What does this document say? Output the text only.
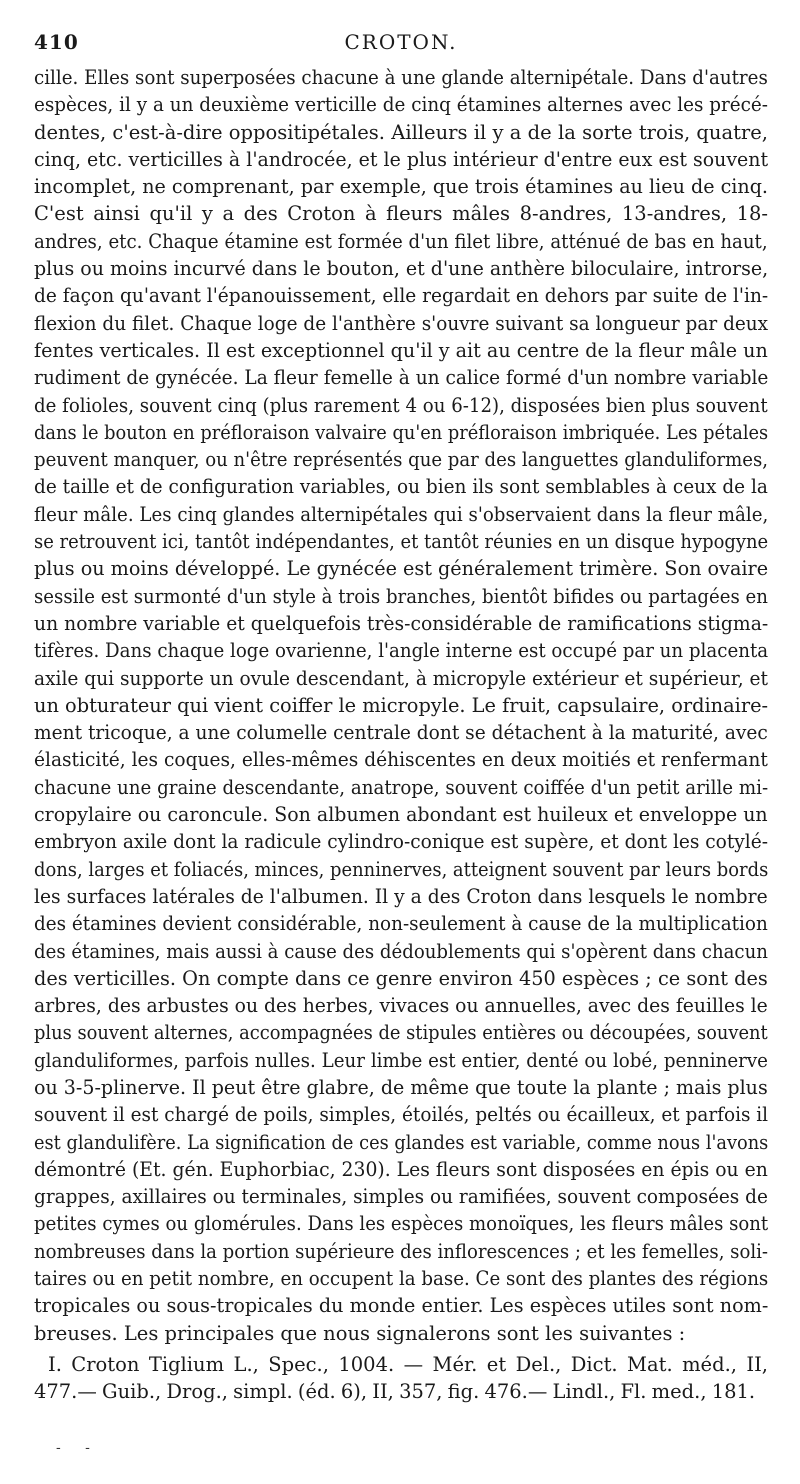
410	CROTON.
cille. Elles sont superposées chacune à une glande alternipétale. Dans d'autres
espèces, il y a un deuxième verticille de cinq étamines alternes avec les précé-
dentes, c'est-à-dire oppositipétales. Ailleurs il y a de la sorte trois, quatre,
cinq, etc. verticilles à l'androcée, et le plus intérieur d'entre eux est souvent
incomplet, ne comprenant, par exemple, que trois étamines au lieu de cinq.
C'est ainsi qu'il y a des Croton à fleurs mâles 8-andres, 13-andres, 18-
andres, etc. Chaque étamine est formée d'un filet libre, atténué de bas en haut,
plus ou moins incurvé dans le bouton, et d'une anthère biloculaire, introrse,
de façon qu'avant l'épanouissement, elle regardait en dehors par suite de l'in-
flexion du filet. Chaque loge de l'anthère s'ouvre suivant sa longueur par deux
fentes verticales. Il est exceptionnel qu'il y ait au centre de la fleur mâle un
rudiment de gynécée. La fleur femelle à un calice formé d'un nombre variable
de folioles, souvent cinq (plus rarement 4 ou 6-12), disposées bien plus souvent
dans le bouton en préfloraison valvaire qu'en préfloraison imbriquée. Les pétales
peuvent manquer, ou n'être représentés que par des languettes glanduliformes,
de taille et de configuration variables, ou bien ils sont semblables à ceux de la
fleur mâle. Les cinq glandes alternipétales qui s'observaient dans la fleur mâle,
se retrouvent ici, tantôt indépendantes, et tantôt réunies en un disque hypogyne
plus ou moins développé. Le gynécée est généralement trimère. Son ovaire
sessile est surmonté d'un style à trois branches, bientôt bifides ou partagées en
un nombre variable et quelquefois très-considérable de ramifications stigma-
tifères. Dans chaque loge ovarienne, l'angle interne est occupé par un placenta
axile qui supporte un ovule descendant, à micropyle extérieur et supérieur, et
un obturateur qui vient coiffer le micropyle. Le fruit, capsulaire, ordinaire-
ment tricoque, a une columelle centrale dont se détachent à la maturité, avec
élasticité, les coques, elles-mêmes déhiscentes en deux moitiés et renfermant
chacune une graine descendante, anatrope, souvent coiffée d'un petit arille mi-
cropylaire ou caroncule. Son albumen abondant est huileux et enveloppe un
embryon axile dont la radicule cylindro-conique est supère, et dont les cotylé-
dons, larges et foliacés, minces, penninerves, atteignent souvent par leurs bords
les surfaces latérales de l'albumen. Il y a des Croton dans lesquels le nombre
des étamines devient considérable, non-seulement à cause de la multiplication
des étamines, mais aussi à cause des dédoublements qui s'opèrent dans chacun
des verticilles. On compte dans ce genre environ 450 espèces ; ce sont des
arbres, des arbustes ou des herbes, vivaces ou annuelles, avec des feuilles le
plus souvent alternes, accompagnées de stipules entières ou découpées, souvent
glanduliformes, parfois nulles. Leur limbe est entier, denté ou lobé, penninerve
ou 3-5-plinerve. Il peut être glabre, de même que toute la plante ; mais plus
souvent il est chargé de poils, simples, étoilés, peltés ou écailleux, et parfois il
est glandulifère. La signification de ces glandes est variable, comme nous l'avons
démontré (Et. gén. Euphorbiac, 230). Les fleurs sont disposées en épis ou en
grappes, axillaires ou terminales, simples ou ramifiées, souvent composées de
petites cymes ou glomérules. Dans les espèces monoïques, les fleurs mâles sont
nombreuses dans la portion supérieure des inflorescences ; et les femelles, soli-
taires ou en petit nombre, en occupent la base. Ce sont des plantes des régions
tropicales ou sous-tropicales du monde entier. Les espèces utiles sont nom-
breuses. Les principales que nous signalerons sont les suivantes :
I. Croton Tiglium L., Spec., 1004. — Mér. et Del., Dict. Mat. méd., II,
477.— Guib., Drog., simpl. (éd. 6), II, 357, fig. 476.— Lindl., Fl. med., 181.
- -
